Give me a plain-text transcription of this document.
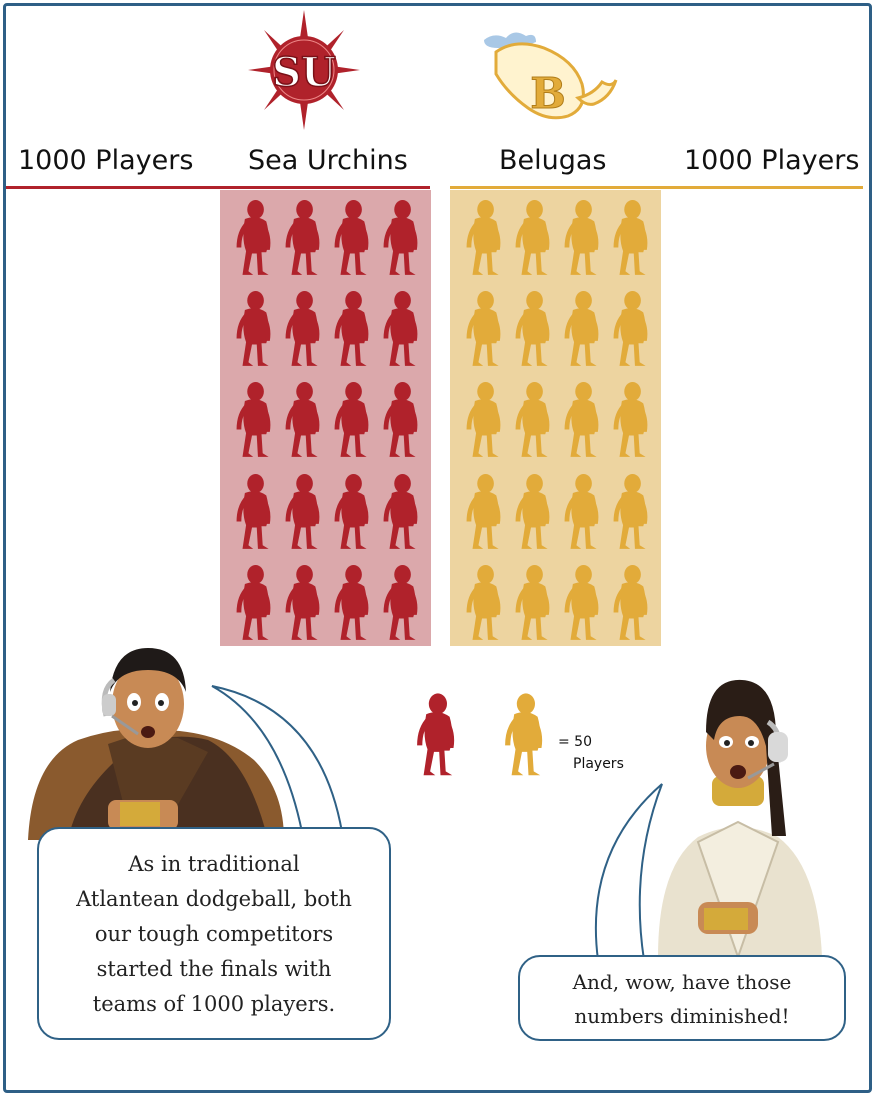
SU	B
1000 Players Sea Urchins	Belugas	1000 Players
= 50
Players

As in traditional

Atlantean dodgeball, both

our tough competitors

started the finals with

teams of 1000 players.

And, wow, have those

numbers diminished!
